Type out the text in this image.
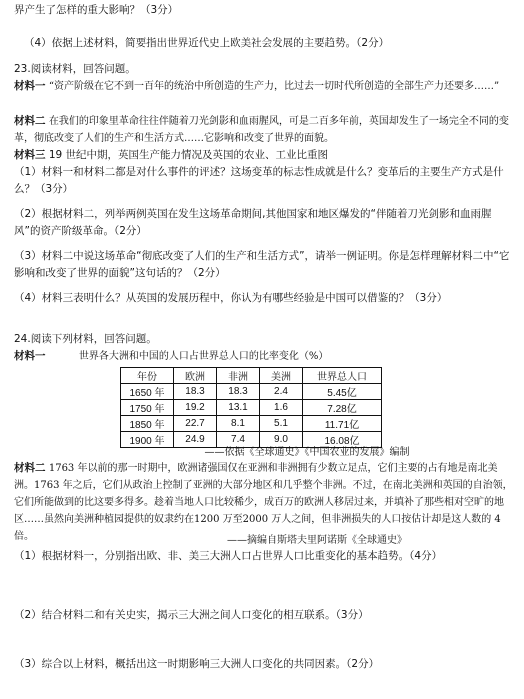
界产生了怎样的重大影响？（3分）
（4）依据上述材料，简要指出世界近代史上欧美社会发展的主要趋势。（2分）
23.阅读材料，回答问题。
材料一 “资产阶级在它不到一百年的统治中所创造的生产力，比过去一切时代所创造的全部生产力还要多……”
材料二 在我们的印象里革命往往伴随着刀光剑影和血雨腥风，可是二百多年前，英国却发生了一场完全不同的变革，彻底改变了人们的生产和生活方式……它影响和改变了世界的面貌。
材料三 19 世纪中期，英国生产能力情况及英国的农业、工业比重图
（1）材料一和材料二都是对什么事件的评述？这场变革的标志性成就是什么？变革后的主要生产方式是什么？（3分）
（2）根据材料二，列举两例英国在发生这场革命期间,其他国家和地区爆发的“伴随着刀光剑影和血雨腥风”的资产阶级革命。（2分）
（3）材料二中说这场革命“彻底改变了人们的生产和生活方式”，请举一例证明。你是怎样理解材料二中“它影响和改变了世界的面貌”这句话的？（2分）
（4）材料三表明什么？从英国的发展历程中，你认为有哪些经验是中国可以借鉴的？（3分）
24.阅读下列材料，回答问题。
材料一	世界各大洲和中国的人口占世界总人口的比率变化（%）
年份	欧洲	非洲	美洲	世界总人口
1650 年	18.3	18.3	2.4	5.45亿
1750 年	19.2	13.1	1.6	7.28亿
1850 年	22.7	8.1	5.1	11.71亿
1900 年	24.9	7.4	9.0	16.08亿
——依据《全球通史》《中国农业的发展》编制
材料二 1763 年以前的那一时期中，欧洲诸强国仅在亚洲和非洲拥有少数立足点，它们主要的占有地是南北美洲。1763 年之后，它们从政治上控制了亚洲的大部分地区和几乎整个非洲。不过，在南北美洲和英国的自治领，它们所能做到的比这要多得多。趁着当地人口比较稀少，成百万的欧洲人移居过来，并填补了那些相对空旷的地区……虽然向美洲种植园提供的奴隶约在1200 万至2000 万人之间，但非洲损失的人口按估计却是这人数的 4 倍。	——摘编自斯塔夫里阿诺斯《全球通史》
（1）根据材料一，分别指出欧、非、美三大洲人口占世界人口比重变化的基本趋势。（4分）
（2）结合材料二和有关史实，揭示三大洲之间人口变化的相互联系。（3分）
（3）综合以上材料，概括出这一时期影响三大洲人口变化的共同因素。（2分）
